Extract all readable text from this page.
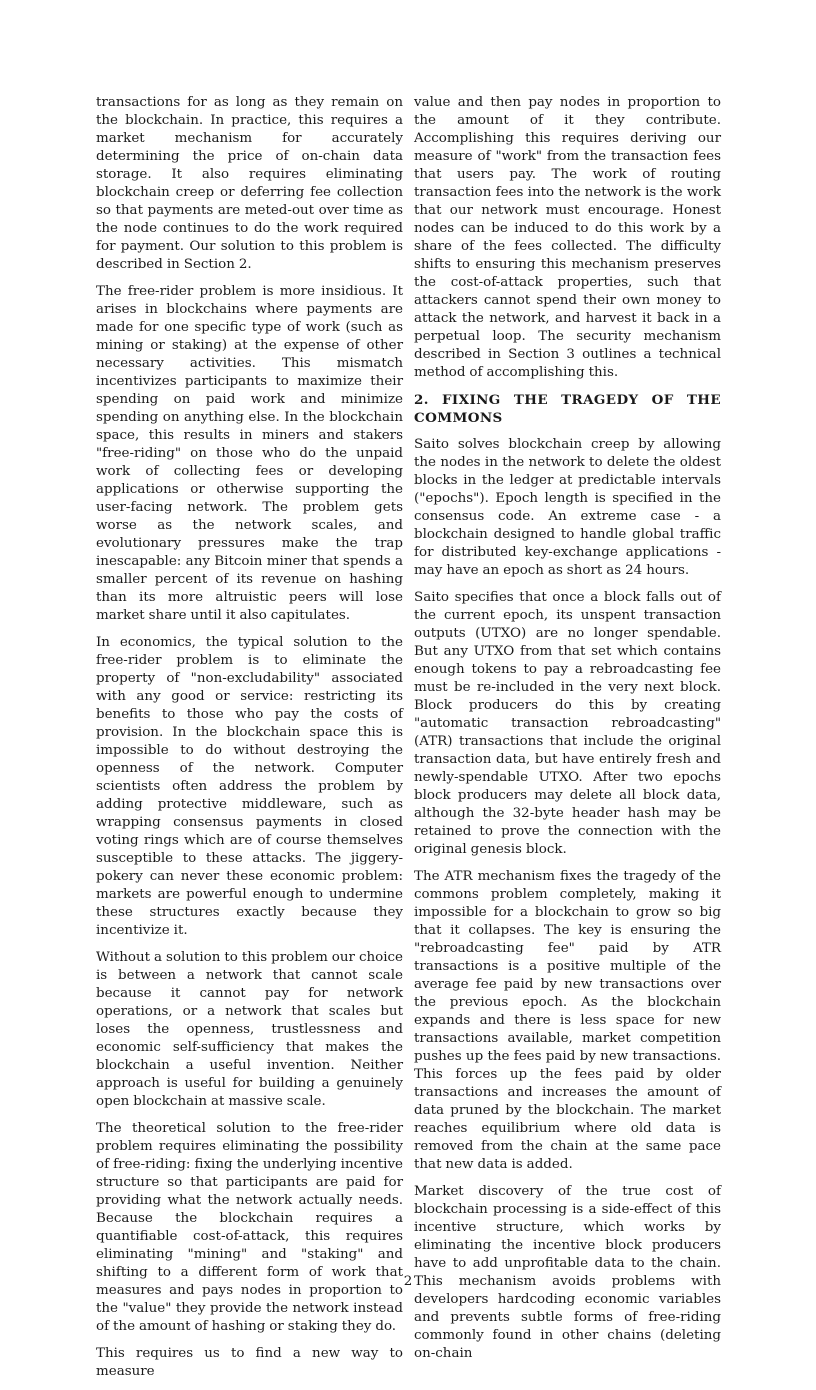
transactions for as long as they remain on the blockchain. In practice, this requires a market mechanism for accurately determining the price of on-chain data storage. It also requires eliminating blockchain creep or deferring fee collection so that payments are meted-out over time as the node continues to do the work required for payment. Our solution to this problem is described in Section 2.

The free-rider problem is more insidious. It arises in blockchains where payments are made for one specific type of work (such as mining or staking) at the expense of other necessary activities. This mismatch incentivizes participants to maximize their spending on paid work and minimize spending on anything else. In the blockchain space, this results in miners and stakers "free-riding" on those who do the unpaid work of collecting fees or developing applications or otherwise supporting the user-facing network. The problem gets worse as the network scales, and evolutionary pressures make the trap inescapable: any Bitcoin miner that spends a smaller percent of its revenue on hashing than its more altruistic peers will lose market share until it also capitulates.

In economics, the typical solution to the free-rider problem is to eliminate the property of "non-excludability" associated with any good or service: restricting its benefits to those who pay the costs of provision. In the blockchain space this is impossible to do without destroying the openness of the network. Computer scientists often address the problem by adding protective middleware, such as wrapping consensus payments in closed voting rings which are of course themselves susceptible to these attacks. The jiggery-pokery can never these economic problem: markets are powerful enough to undermine these structures exactly because they incentivize it.

Without a solution to this problem our choice is between a network that cannot scale because it cannot pay for network operations, or a network that scales but loses the openness, trustlessness and economic self-sufficiency that makes the blockchain a useful invention. Neither approach is useful for building a genuinely open blockchain at massive scale.

The theoretical solution to the free-rider problem requires eliminating the possibility of free-riding: fixing the underlying incentive structure so that participants are paid for providing what the network actually needs. Because the blockchain requires a quantifiable cost-of-attack, this requires eliminating "mining" and "staking" and shifting to a different form of work that measures and pays nodes in proportion to the "value" they provide the network instead of the amount of hashing or staking they do.

This requires us to find a new way to measure

value and then pay nodes in proportion to the amount of it they contribute. Accomplishing this requires deriving our measure of "work" from the transaction fees that users pay. The work of routing transaction fees into the network is the work that our network must encourage. Honest nodes can be induced to do this work by a share of the fees collected. The difficulty shifts to ensuring this mechanism preserves the cost-of-attack properties, such that attackers cannot spend their own money to attack the network, and harvest it back in a perpetual loop. The security mechanism described in Section 3 outlines a technical method of accomplishing this.

2. FIXING THE TRAGEDY OF THE COMMONS

Saito solves blockchain creep by allowing the nodes in the network to delete the oldest blocks in the ledger at predictable intervals ("epochs"). Epoch length is specified in the consensus code. An extreme case - a blockchain designed to handle global traffic for distributed key-exchange applications - may have an epoch as short as 24 hours.

Saito specifies that once a block falls out of the current epoch, its unspent transaction outputs (UTXO) are no longer spendable. But any UTXO from that set which contains enough tokens to pay a rebroadcasting fee must be re-included in the very next block. Block producers do this by creating "automatic transaction rebroadcasting" (ATR) transactions that include the original transaction data, but have entirely fresh and newly-spendable UTXO. After two epochs block producers may delete all block data, although the 32-byte header hash may be retained to prove the connection with the original genesis block.

The ATR mechanism fixes the tragedy of the commons problem completely, making it impossible for a blockchain to grow so big that it collapses. The key is ensuring the "rebroadcasting fee" paid by ATR transactions is a positive multiple of the average fee paid by new transactions over the previous epoch. As the blockchain expands and there is less space for new transactions available, market competition pushes up the fees paid by new transactions. This forces up the fees paid by older transactions and increases the amount of data pruned by the blockchain. The market reaches equilibrium where old data is removed from the chain at the same pace that new data is added.

Market discovery of the true cost of blockchain processing is a side-effect of this incentive structure, which works by eliminating the incentive block producers have to add unprofitable data to the chain. This mechanism avoids problems with developers hardcoding economic variables and prevents subtle forms of free-riding commonly found in other chains (deleting on-chain

2
